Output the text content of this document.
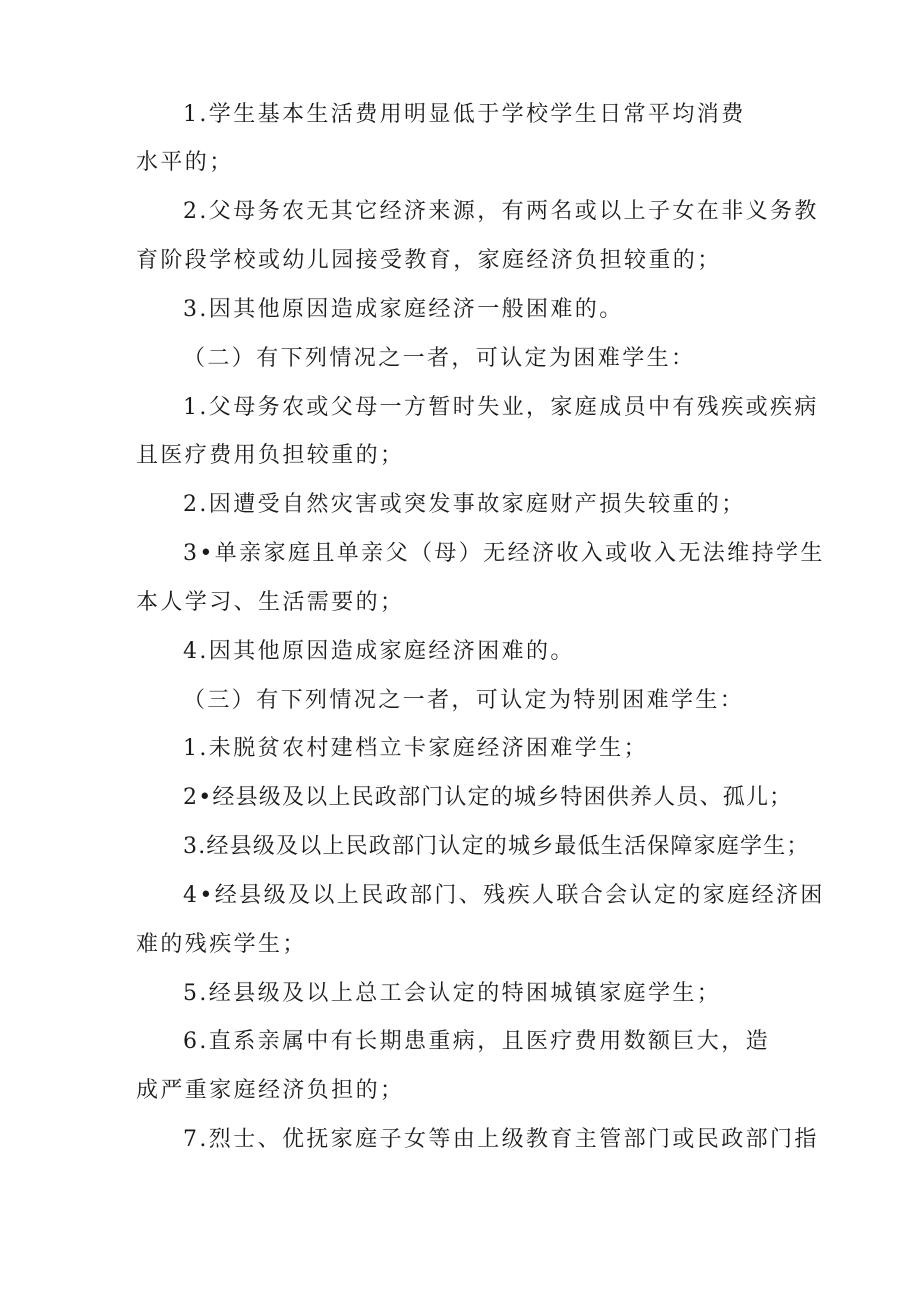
1.学生基本生活费用明显低于学校学生日常平均消费

水平的；

2.父母务农无其它经济来源，有两名或以上子女在非义务教

育阶段学校或幼儿园接受教育，家庭经济负担较重的；

3.因其他原因造成家庭经济一般困难的。

（二）有下列情况之一者，可认定为困难学生：

1.父母务农或父母一方暂时失业，家庭成员中有残疾或疾病

且医疗费用负担较重的；

2.因遭受自然灾害或突发事故家庭财产损失较重的；

3•单亲家庭且单亲父（母）无经济收入或收入无法维持学生

本人学习、生活需要的；

4.因其他原因造成家庭经济困难的。

（三）有下列情况之一者，可认定为特别困难学生：

1.未脱贫农村建档立卡家庭经济困难学生；

2•经县级及以上民政部门认定的城乡特困供养人员、孤儿；

3.经县级及以上民政部门认定的城乡最低生活保障家庭学生；

4•经县级及以上民政部门、残疾人联合会认定的家庭经济困

难的残疾学生；

5.经县级及以上总工会认定的特困城镇家庭学生；

6.直系亲属中有长期患重病，且医疗费用数额巨大，造

成严重家庭经济负担的；

7.烈士、优抚家庭子女等由上级教育主管部门或民政部门指
